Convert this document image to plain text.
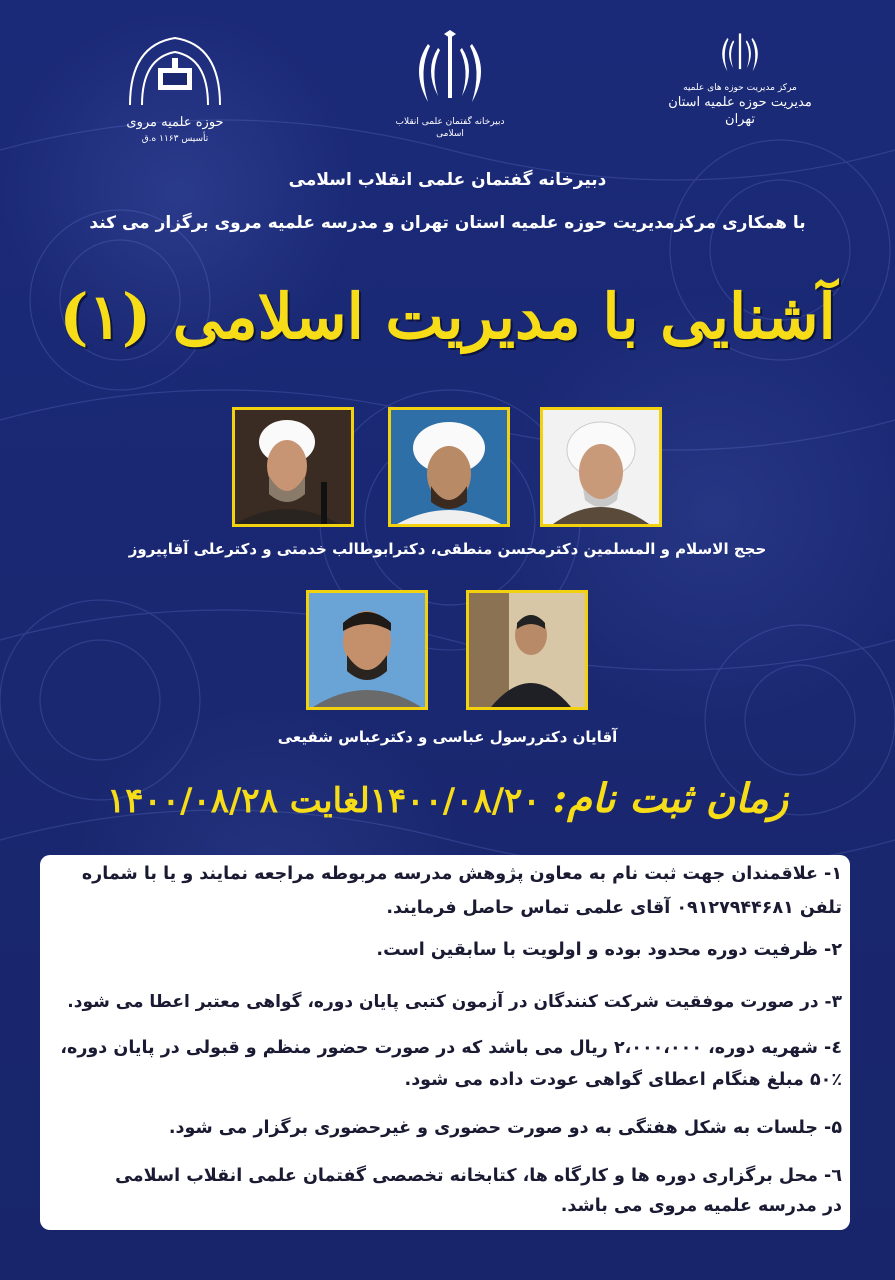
حوزه علمیه مروی
تأسیس ۱۱۶۳ ه.ق
دبیرخانه گفتمان علمی انقلاب اسلامی
مرکز مدیریت حوزه های علمیه
مدیریت حوزه علمیه استان تهران
دبیرخانه گفتمان علمی انقلاب اسلامی
با همکاری مرکزمدیریت حوزه علمیه استان تهران و مدرسه علمیه مروی برگزار می کند
آشنایی با مدیریت اسلامی (۱)
حجج الاسلام و المسلمین دکترمحسن منطقی، دکترابوطالب خدمتی و دکترعلی آقاپیروز
آقایان دکتررسول عباسی و دکترعباس شفیعی
زمان ثبت نام: ۱۴۰۰/۰۸/۲۰لغایت ۱۴۰۰/۰۸/۲۸
۱- علاقمندان جهت ثبت نام به معاون پژوهش مدرسه مربوطه مراجعه نمایند و یا با شماره
تلفن ۰۹۱۲۷۹۴۴۶۸۱ آقای علمی تماس حاصل فرمایند.
۲- ظرفیت دوره محدود بوده و اولویت با سابقین است.
۳- در صورت موفقیت شرکت کنندگان در آزمون کتبی پایان دوره، گواهی معتبر اعطا می شود.
٤- شهریه دوره، ۲،۰۰۰،۰۰۰ ریال می باشد که در صورت حضور منظم و قبولی در پایان دوره،
۵۰٪ مبلغ هنگام اعطای گواهی عودت داده می شود.
۵- جلسات به شکل هفتگی به دو صورت حضوری و غیرحضوری برگزار می شود.
٦- محل برگزاری دوره ها و کارگاه ها، کتابخانه تخصصی گفتمان علمی انقلاب اسلامی
در مدرسه علمیه مروی می باشد.
